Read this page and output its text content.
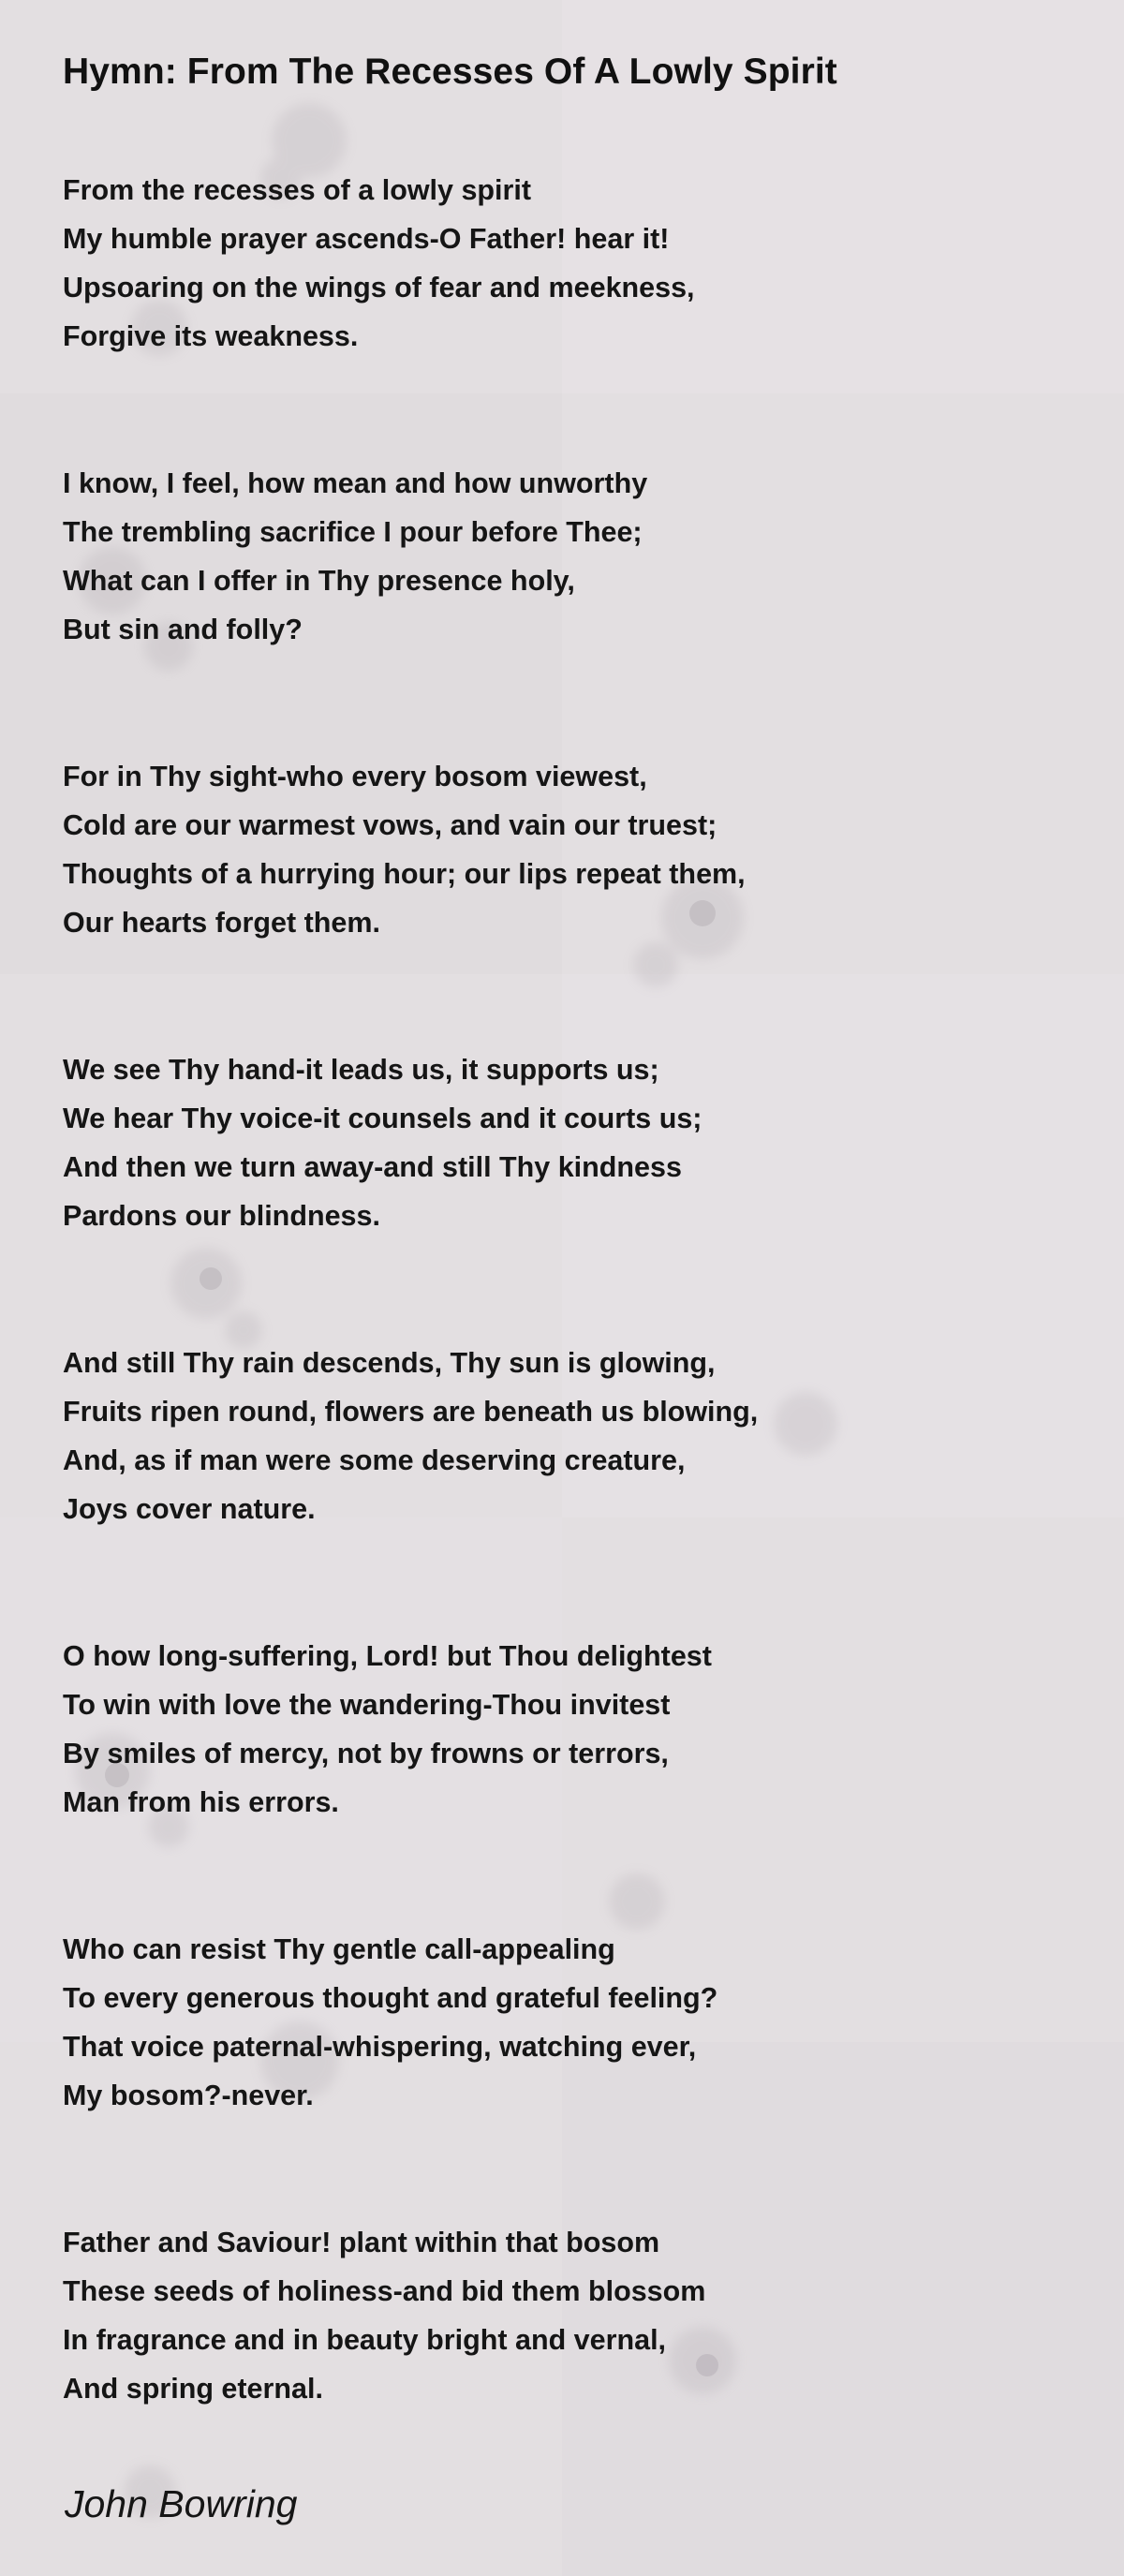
Hymn: From The Recesses Of A Lowly Spirit
From the recesses of a lowly spirit
My humble prayer ascends-O Father! hear it!
Upsoaring on the wings of fear and meekness,
Forgive its weakness.
I know, I feel, how mean and how unworthy
The trembling sacrifice I pour before Thee;
What can I offer in Thy presence holy,
But sin and folly?
For in Thy sight-who every bosom viewest,
Cold are our warmest vows, and vain our truest;
Thoughts of a hurrying hour; our lips repeat them,
Our hearts forget them.
We see Thy hand-it leads us, it supports us;
We hear Thy voice-it counsels and it courts us;
And then we turn away-and still Thy kindness
Pardons our blindness.
And still Thy rain descends, Thy sun is glowing,
Fruits ripen round, flowers are beneath us blowing,
And, as if man were some deserving creature,
Joys cover nature.
O how long-suffering, Lord! but Thou delightest
To win with love the wandering-Thou invitest
By smiles of mercy, not by frowns or terrors,
Man from his errors.
Who can resist Thy gentle call-appealing
To every generous thought and grateful feeling?
That voice paternal-whispering, watching ever,
My bosom?-never.
Father and Saviour! plant within that bosom
These seeds of holiness-and bid them blossom
In fragrance and in beauty bright and vernal,
And spring eternal.

John Bowring
